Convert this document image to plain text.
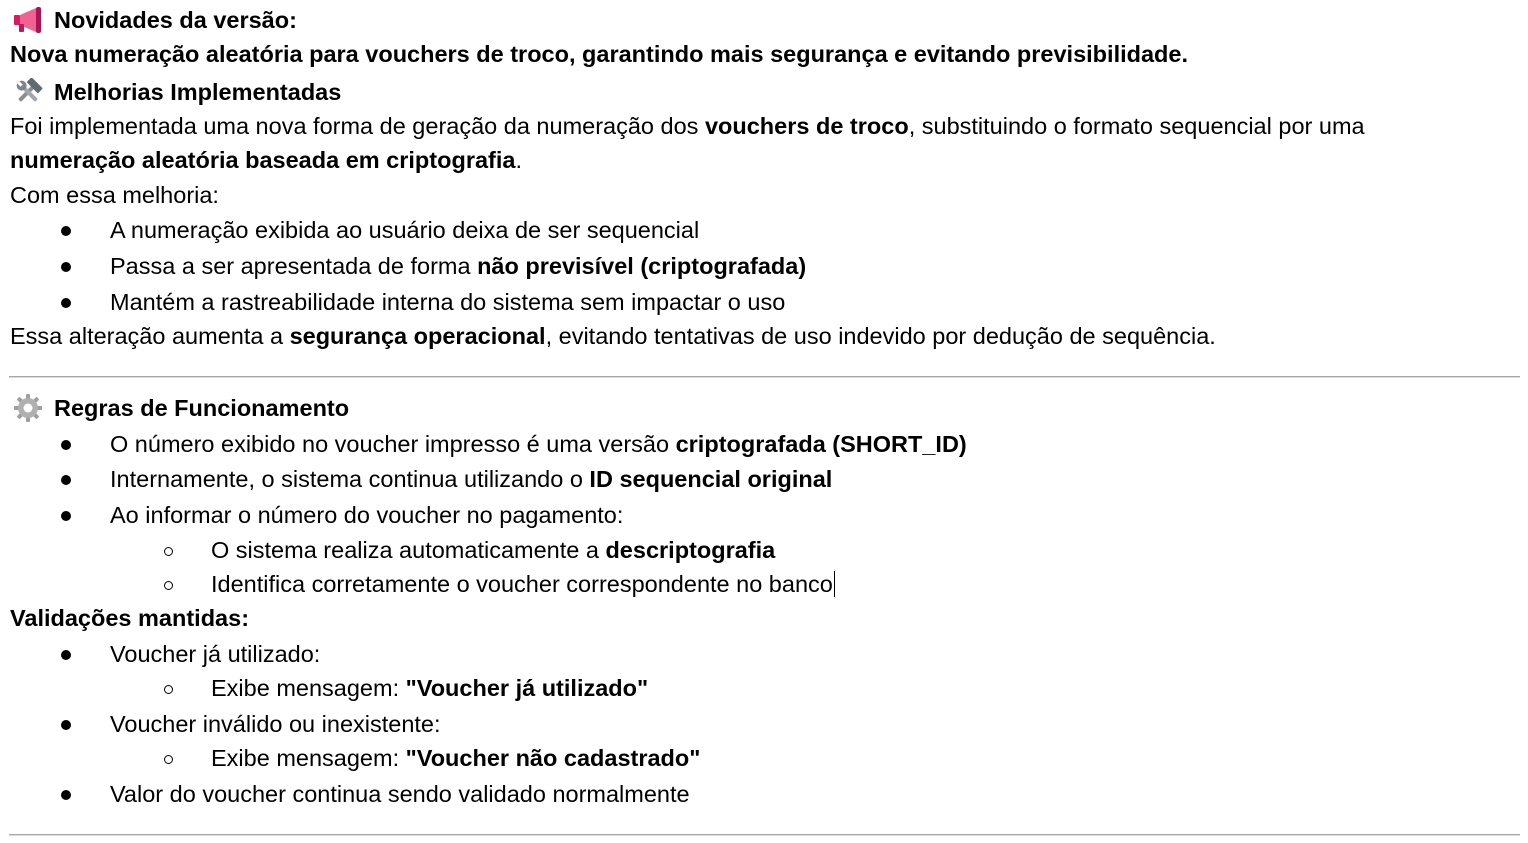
Novidades da versão:
Nova numeração aleatória para vouchers de troco, garantindo mais segurança e evitando previsibilidade.
Melhorias Implementadas
Foi implementada uma nova forma de geração da numeração dos vouchers de troco, substituindo o formato sequencial por uma
numeração aleatória baseada em criptografia.
Com essa melhoria:
A numeração exibida ao usuário deixa de ser sequencial
Passa a ser apresentada de forma não previsível (criptografada)
Mantém a rastreabilidade interna do sistema sem impactar o uso
Essa alteração aumenta a segurança operacional, evitando tentativas de uso indevido por dedução de sequência.
Regras de Funcionamento
O número exibido no voucher impresso é uma versão criptografada (SHORT_ID)
Internamente, o sistema continua utilizando o ID sequencial original
Ao informar o número do voucher no pagamento:
O sistema realiza automaticamente a descriptografia
Identifica corretamente o voucher correspondente no banco
Validações mantidas:
Voucher já utilizado:
Exibe mensagem: "Voucher já utilizado"
Voucher inválido ou inexistente:
Exibe mensagem: "Voucher não cadastrado"
Valor do voucher continua sendo validado normalmente
